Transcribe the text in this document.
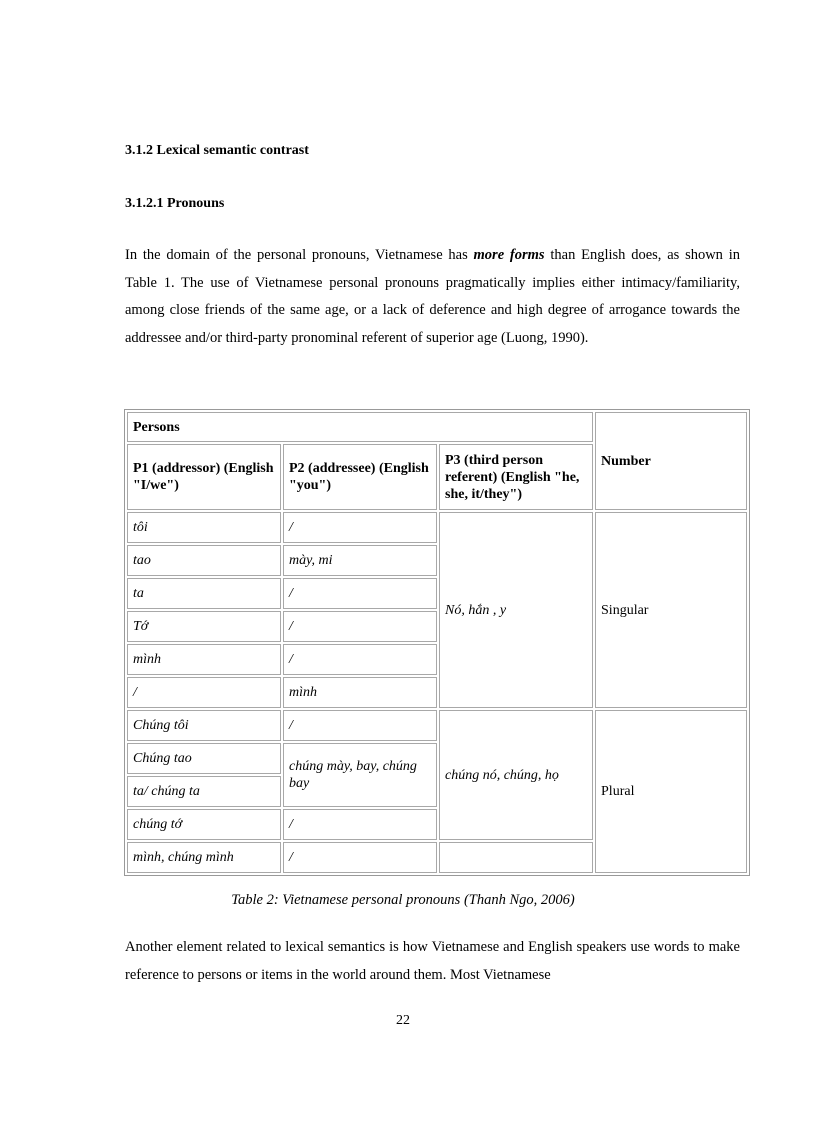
3.1.2 Lexical semantic contrast
3.1.2.1 Pronouns

In the domain of the personal pronouns, Vietnamese has more forms than English does, as shown in Table 1. The use of Vietnamese personal pronouns pragmatically implies either intimacy/familiarity, among close friends of the same age, or a lack of deference and high degree of arrogance towards the addressee and/or third-party pronominal referent of superior age (Luong, 1990).

Persons			Number
P1 (addressor) (English "I/we")	P2 (addressee) (English "you")	P3 (third person referent) (English "he, she, it/they")	
tôi	/	Nó, hắn , y	Singular
tao	mày, mi		
ta	/		
Tớ	/		
mình	/		
/	mình		
Chúng tôi	/	chúng nó, chúng, họ	Plural
Chúng tao	chúng mày, bay, chúng bay		
ta/ chúng ta			
chúng tớ	/		
mình, chúng mình	/		
Table 2: Vietnamese personal pronouns (Thanh Ngo, 2006)

Another element related to lexical semantics is how Vietnamese and English speakers use words to make reference to persons or items in the world around them. Most Vietnamese

22
